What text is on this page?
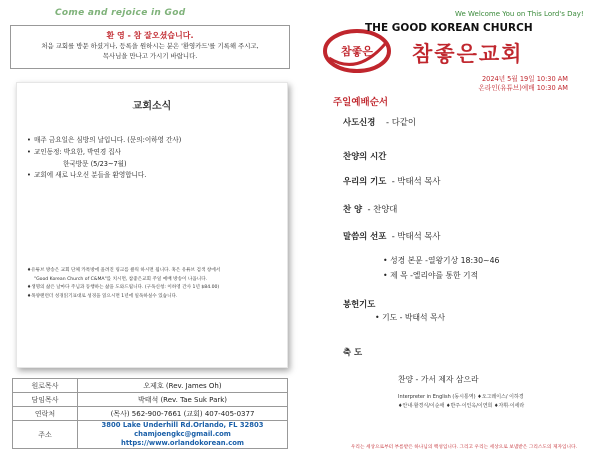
Come and rejoice in God
환 영 - 참 잘오셨습니다.
처음 교회를 방문 하셨거나, 등록을 원하시는 분은 '환영카드'를 기록해 주시고,
목사님을 만나고 가시기 바랍니다.
교회소식
• 매주 금요일은 심방의 날입니다. (문의:이하영 간사)
• 교인동정: 박요한, 박연경 집사
한국방문 (5/23~7월)
• 교회에 새로 나오신 분들을 환영합니다.
♦유튜브 방송은 교회 단체 카톡방에 올려진 링크를 클릭 하시면 됩니다. 혹은 유튜브 검색 창에서
"Good Korean Church of C&MA"를 치시면, 참좋은교회 주일 예배 방송이 나옵니다.
♦생명의 삶은 날마다 주님과 동행하는 삶을 도와드립니다. (구독신청: 이하영 간사 1년 $84.00)
♦목양랜런더 성경읽기표대로 성경을 읽으시면 1년에 일독하실수 있습니다.
원로목사	오제호 (Rev. James Oh)
담임목사	박태석 (Rev. Tae Suk Park)
연락처	(목사) 562-900-7661 (교회) 407-405-0377
주소	3800 Lake Underhill Rd.Orlando, FL 32803
chamjoengkc@gmail.com
https://www.orlandokorean.com
We Welcome You on This Lord's Day!
참좋은
THE GOOD KOREAN CHURCH
참좋은교회
2024년 5월 19일 10:30 AM
온라인(유튜브)예배 10:30 AM
주일예배순서
사도신경 - 다같이
찬양의 시간
우리의 기도 - 박태석 목사
찬 양 - 찬양대
말씀의 선포 - 박태석 목사
• 성경 본문 -열왕기상 18:30~46
• 제 목 -엘리야를 통한 기적
봉헌기도
• 기도 - 박태석 목사
축 도
찬양 - 가서 제자 삼으라
Interpreter in English (동시통역) ♦오그레이스/ 이하경
♦안내·할경식/이순애 ♦반주·이인옥/이연희 ♦자휘·이세라
우리는 세상으로부터 부름받은 하나님의 백성입니다. 그리고 우리는 세상으로 보냄받은 그리스도의 제자입니다.
